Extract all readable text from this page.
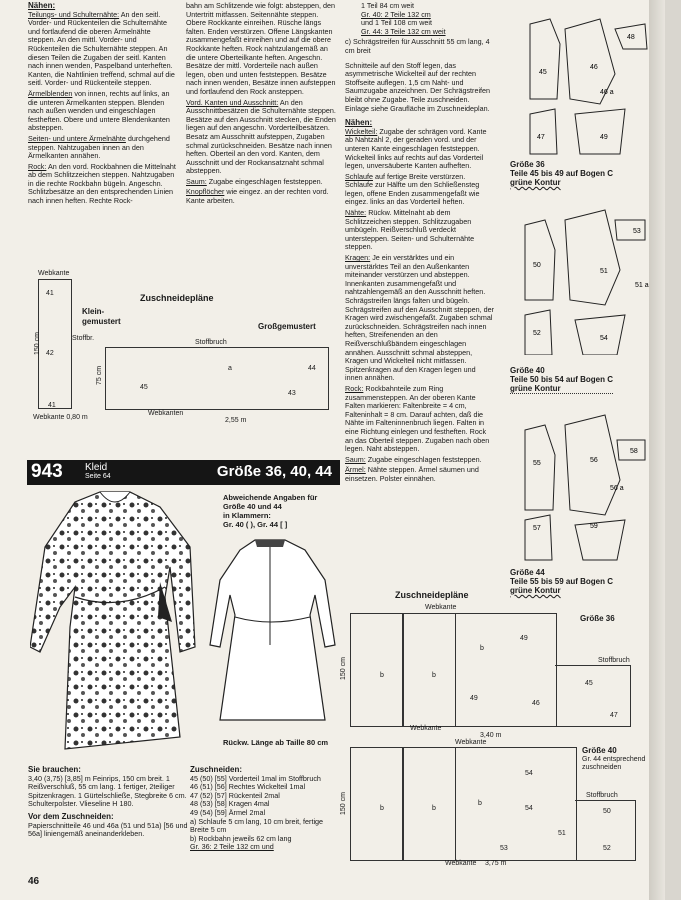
Nähen:
Teilungs- und Schulternähte: An den seitl. Vorder- und Rückenteilen die Schulternähte und fortlaufend die oberen Ärmelnähte steppen. An den mittl. Vorder- und Rückenteilen die Schulternähte steppen. An diesen Teilen die Zugaben der seitl. Kanten nach innen wenden, Paspelband unterheften. Kanten, die Nahtlinien treffend, schmal auf die seitl. Vorder- und Rückenteile steppen.

Ärmelblenden von innen, rechts auf links, an die unteren Ärmelkanten steppen. Blenden nach außen wenden und eingeschlagen festheften. Obere und untere Blendenkanten absteppen.

Seiten- und untere Ärmelnähte durchgehend steppen. Nahtzugaben innen an den Ärmelkanten annähen.

Rock: An den vord. Rockbahnen die Mittelnaht ab dem Schlitzzeichen steppen. Nahtzugaben in die rechte Rockbahn bügeln. Angeschn. Schlitzbesätze an den entsprechenden Linien nach innen heften. Rechte Rock-

bahn am Schlitzende wie folgt: absteppen, den Untertritt mitfassen. Seitennähte steppen. Obere Rockkante einreihen. Rüsche längs falten. Enden verstürzen. Offene Längskanten zusammengefaßt einreihen und auf die obere Rockkante heften. Rock nahtzulangemäß an die untere Oberteilkante heften. Angeschn. Besätze der mittl. Vorderteile nach außen legen, oben und unten feststeppen. Besätze nach innen wenden, Besätze innen aufsteppen und fortlaufend den Rock ansteppen.

Vord. Kanten und Ausschnitt: An den Ausschnittbesätzen die Schulternähte steppen. Besätze auf den Ausschnitt stecken, die Enden liegen auf den angeschn. Vorderteilbesätzen. Besatz am Ausschnitt aufsteppen, Zugaben schmal zurückschneiden. Besätze nach innen heften. Oberteil an den vord. Kanten, dem Ausschnitt und der Rockansatznaht schmal absteppen.

Saum: Zugabe eingeschlagen feststeppen.

Knopflöcher wie eingez. an der rechten vord. Kante arbeiten.

Zuschneidepläne
Webkante
41
42
41
150 cm	Stoffbr.
Klein-
gemustert
Webkante 0,80 m
Großgemustert
Stoffbruch
45
a	44
43
75 cm
Webkanten
2,55 m

1 Teil 84 cm weit
Gr. 40: 2 Teile 132 cm
und 1 Teil 108 cm weit
Gr. 44: 3 Teile 132 cm weit

c) Schrägstreifen für Ausschnitt 55 cm lang, 4 cm breit

Schnitteile auf den Stoff legen, das asymmetrische Wickelteil auf der rechten Stoffseite auflegen. 1,5 cm Naht- und Saumzugabe anzeichnen. Der Schrägstreifen bleibt ohne Zugabe. Teile zuschneiden. Einlage siehe Graufläche im Zuschneideplan.

Nähen:
Wickelteil: Zugabe der schrägen vord. Kante ab Nahtzahl 2, der geraden vord. und der unteren Kante eingeschlagen feststeppen. Wickelteil links auf rechts auf das Vorderteil legen, unversäuberte Kanten aufheften.

Schlaufe auf fertige Breite verstürzen. Schlaufe zur Hälfte um den Schließensteg legen, offene Enden zusammengefaßt wie eingez. links an das Vorderteil heften.

Nähte: Rückw. Mittelnaht ab dem Schlitzzeichen steppen. Schlitzzugaben umbügeln. Reißverschluß verdeckt untersteppen. Seiten- und Schulternähte steppen.

Kragen: Je ein verstärktes und ein unverstärktes Teil an den Außenkanten miteinander verstürzen und absteppen. Innenkanten zusammengefaßt und nahtzahlengemäß an den Ausschnitt heften. Schrägstreifen längs falten und bügeln. Schrägstreifen auf den Ausschnitt steppen, der Kragen wird zwischengefaßt. Zugaben schmal zurückschneiden. Schrägstreifen nach innen heften, Streifenenden an den Reißverschlußbändern eingeschlagen annähen. Ausschnitt schmal absteppen, Kragen und Wickelteil nicht mitfassen. Spitzenkragen auf den Kragen legen und innen annähen.

Rock: Rockbahnteile zum Ring zusammensteppen. An der oberen Kante Falten markieren: Faltenbreite = 4 cm, Falteninhalt = 8 cm. Darauf achten, daß die Nähte im Falteninnenbruch liegen. Falten in eine Richtung einlegen und festheften. Rock an das Oberteil steppen. Zugaben nach oben legen. Naht absteppen.

Saum: Zugabe eingeschlagen feststeppen.

Ärmel: Nähte steppen. Ärmel säumen und einsetzen. Polster einnähen.

45
46
46 a
48
47	49
Größe 36
Teile 45 bis 49 auf Bogen C
grüne Kontur
50
51
51 a
53
52
54
Größe 40
Teile 50 bis 54 auf Bogen C
grüne Kontur
55	56
56 a
58
57	59
Größe 44
Teile 55 bis 59 auf Bogen C
grüne Kontur
943 Kleid
Seite 64	Größe 36, 40, 44
Abweichende Angaben für
Größe 40 und 44
in Klammern:
Gr. 40 ( ), Gr. 44 [ ]
Rückw. Länge ab Taille 80 cm
Sie brauchen:

3,40 (3,75) [3,85] m Feinrips, 150 cm breit. 1 Reißverschluß, 55 cm lang. 1 fertiger, 2teiliger Spitzenkragen. 1 Gürtelschließe, Stegbreite 6 cm. Schulterpolster. Vlieseline H 180.

Vor dem Zuschneiden:

Papierschnitteile 46 und 46a (51 und 51a) [56 und 56a] liniengemäß aneinanderkleben.

Zuschneiden:
45 (50) [55] Vorderteil 1mal im Stoffbruch
46 (51) [56] Rechtes Wickelteil 1mal
47 (52) [57] Rückenteil 2mal
48 (53) [58] Kragen 4mal
49 (54) [59] Ärmel 2mal
a) Schlaufe 5 cm lang, 10 cm breit, fertige Breite 5 cm
b) Rockbahn jeweils 62 cm lang
Gr. 36: 2 Teile 132 cm und
Zuschneidepläne
Webkante
b	b
b
49
49
46
45
47
150 cm	Stoffbruch
Größe 36
Webkante
3,40 m
Webkante
b	b
b
54
54
51
53
50
52
150 cm	Stoffbruch
Größe 40
Gr. 44 entsprechend zuschneiden
Webkante 3,75 m
46
